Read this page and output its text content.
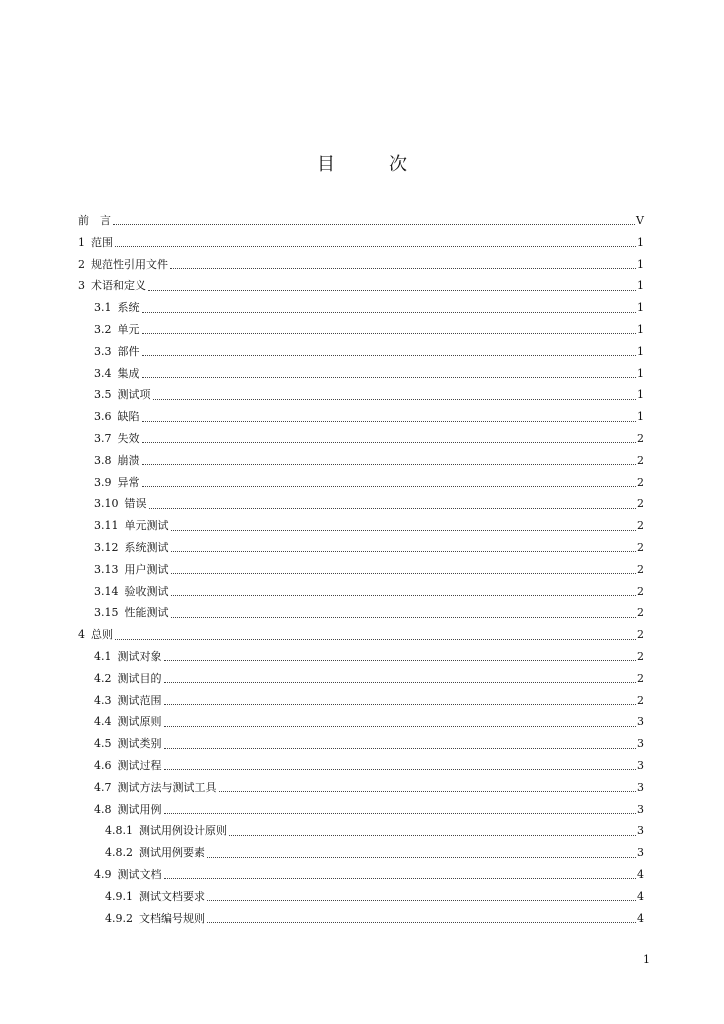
目　次
前　言	V
1 范围	1
2 规范性引用文件	1
3 术语和定义	1
3.1 系统	1
3.2 单元	1
3.3 部件	1
3.4 集成	1
3.5 测试项	1
3.6 缺陷	1
3.7 失效	2
3.8 崩溃	2
3.9 异常	2
3.10 错误	2
3.11 单元测试	2
3.12 系统测试	2
3.13 用户测试	2
3.14 验收测试	2
3.15 性能测试	2
4 总则	2
4.1 测试对象	2
4.2 测试目的	2
4.3 测试范围	2
4.4 测试原则	3
4.5 测试类别	3
4.6 测试过程	3
4.7 测试方法与测试工具	3
4.8 测试用例	3
4.8.1 测试用例设计原则	3
4.8.2 测试用例要素	3
4.9 测试文档	4
4.9.1 测试文档要求	4
4.9.2 文档编号规则	4
1
